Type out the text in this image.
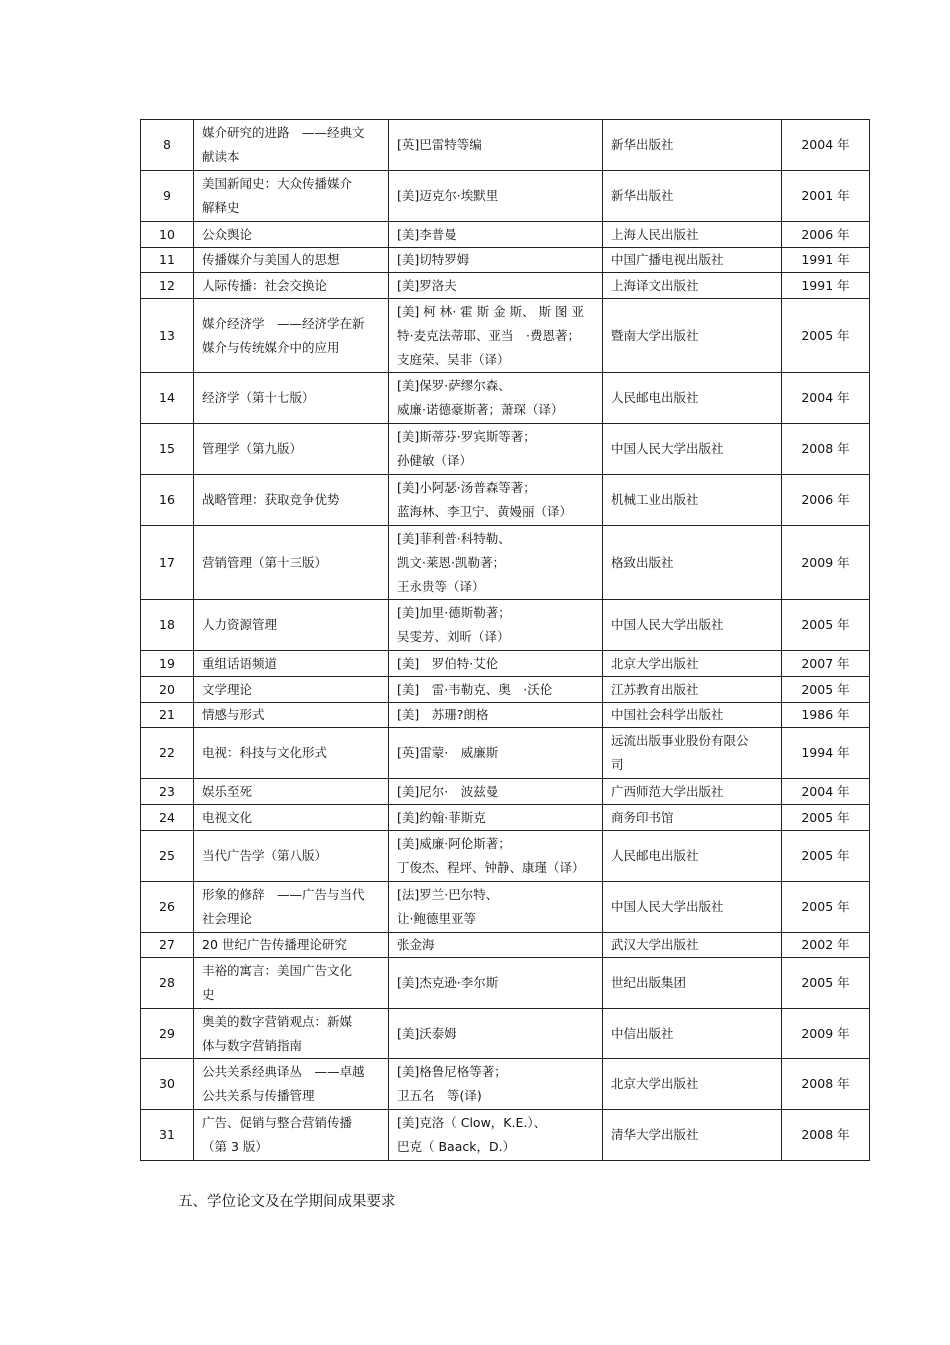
8	媒介研究的进路　——经典文
献读本	[英]巴雷特等编	新华出版社	2004 年
9	美国新闻史：大众传播媒介
解释史	[美]迈克尔·埃默里	新华出版社	2001 年
10	公众舆论	[美]李普曼	上海人民出版社	2006 年
11	传播媒介与美国人的思想	[美]切特罗姆	中国广播电视出版社	1991 年
12	人际传播：社会交换论	[美]罗洛夫	上海译文出版社	1991 年
13	媒介经济学　——经济学在新
媒介与传统媒介中的应用	[美] 柯 林· 霍 斯 金 斯、 斯 图 亚
特·麦克法蒂耶、亚当　·费恩著；
支庭荣、吴非（译）	暨南大学出版社	2005 年
14	经济学（第十七版）	[美]保罗·萨缪尔森、
威廉·诺德豪斯著；萧琛（译）	人民邮电出版社	2004 年
15	管理学（第九版）	[美]斯蒂芬·罗宾斯等著；
孙健敏（译）	中国人民大学出版社	2008 年
16	战略管理：获取竞争优势	[美]小阿瑟·汤普森等著；
蓝海林、李卫宁、黄嫚丽（译）	机械工业出版社	2006 年
17	营销管理（第十三版）	[美]菲利普·科特勒、
凯文·莱恩·凯勒著；
王永贵等（译）	格致出版社	2009 年
18	人力资源管理	[美]加里·德斯勒著；
吴雯芳、刘昕（译）	中国人民大学出版社	2005 年
19	重组话语频道	[美]　罗伯特·艾伦	北京大学出版社	2007 年
20	文学理论	[美]　雷·韦勒克、奥　·沃伦	江苏教育出版社	2005 年
21	情感与形式	[美]　苏珊?朗格	中国社会科学出版社	1986 年
22	电视：科技与文化形式	[英]雷蒙·　威廉斯	远流出版事业股份有限公
司	1994 年
23	娱乐至死	[美]尼尔·　波兹曼	广西师范大学出版社	2004 年
24	电视文化	[美]约翰·菲斯克	商务印书馆	2005 年
25	当代广告学（第八版）	[美]威廉·阿伦斯著；
丁俊杰、程坪、钟静、康瑾（译）	人民邮电出版社	2005 年
26	形象的修辞　——广告与当代
社会理论	[法]罗兰·巴尔特、
让·鲍德里亚等	中国人民大学出版社	2005 年
27	20 世纪广告传播理论研究	张金海	武汉大学出版社	2002 年
28	丰裕的寓言：美国广告文化
史	[美]杰克逊·李尔斯	世纪出版集团	2005 年
29	奥美的数字营销观点：新媒
体与数字营销指南	[美]沃泰姆	中信出版社	2009 年
30	公共关系经典译丛　——卓越
公共关系与传播管理	[美]格鲁尼格等著；
卫五名　等(译)	北京大学出版社	2008 年
31	广告、促销与整合营销传播
（第 3 版）	[美]克洛（ Clow，K.E.）、
巴克（ Baack，D.）	清华大学出版社	2008 年
五、学位论文及在学期间成果要求
